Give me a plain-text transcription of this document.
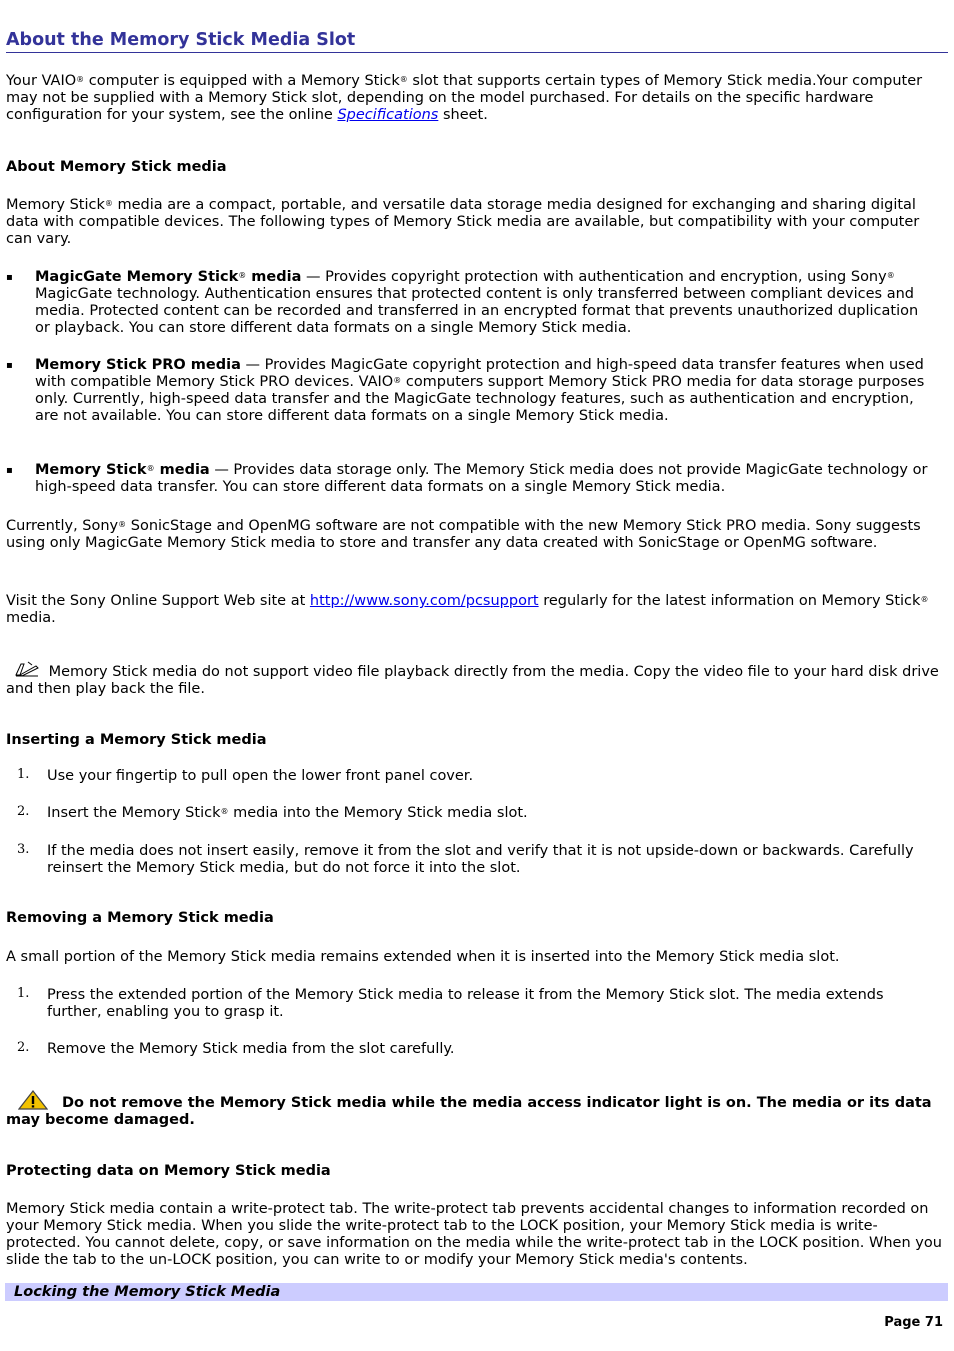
About the Memory Stick Media Slot

Your VAIO® computer is equipped with a Memory Stick® slot that supports certain types of Memory Stick media.Your computer may not be supplied with a Memory Stick slot, depending on the model purchased. For details on the specific hardware configuration for your system, see the online Specifications sheet.

About Memory Stick media

Memory Stick® media are a compact, portable, and versatile data storage media designed for exchanging and sharing digital data with compatible devices. The following types of Memory Stick media are available, but compatibility with your computer can vary.

▪ MagicGate Memory Stick® media — Provides copyright protection with authentication and encryption, using Sony® MagicGate technology. Authentication ensures that protected content is only transferred between compliant devices and media. Protected content can be recorded and transferred in an encrypted format that prevents unauthorized duplication or playback. You can store different data formats on a single Memory Stick media.
▪ Memory Stick PRO media — Provides MagicGate copyright protection and high-speed data transfer features when used with compatible Memory Stick PRO devices. VAIO® computers support Memory Stick PRO media for data storage purposes only. Currently, high-speed data transfer and the MagicGate technology features, such as authentication and encryption, are not available. You can store different data formats on a single Memory Stick media.
▪ Memory Stick® media — Provides data storage only. The Memory Stick media does not provide MagicGate technology or high-speed data transfer. You can store different data formats on a single Memory Stick media.

Currently, Sony® SonicStage and OpenMG software are not compatible with the new Memory Stick PRO media. Sony suggests using only MagicGate Memory Stick media to store and transfer any data created with SonicStage or OpenMG software.

Visit the Sony Online Support Web site at http://www.sony.com/pcsupport regularly for the latest information on Memory Stick® media.

Memory Stick media do not support video file playback directly from the media. Copy the video file to your hard disk drive and then play back the file.

Inserting a Memory Stick media

1. Use your fingertip to pull open the lower front panel cover.
2. Insert the Memory Stick® media into the Memory Stick media slot.
3. If the media does not insert easily, remove it from the slot and verify that it is not upside-down or backwards. Carefully reinsert the Memory Stick media, but do not force it into the slot.

Removing a Memory Stick media

A small portion of the Memory Stick media remains extended when it is inserted into the Memory Stick media slot.

1. Press the extended portion of the Memory Stick media to release it from the Memory Stick slot. The media extends further, enabling you to grasp it.
2. Remove the Memory Stick media from the slot carefully.

Do not remove the Memory Stick media while the media access indicator light is on. The media or its data may become damaged.

Protecting data on Memory Stick media

Memory Stick media contain a write-protect tab. The write-protect tab prevents accidental changes to information recorded on your Memory Stick media. When you slide the write-protect tab to the LOCK position, your Memory Stick media is write-protected. You cannot delete, copy, or save information on the media while the write-protect tab in the LOCK position. When you slide the tab to the un-LOCK position, you can write to or modify your Memory Stick media's contents.

Locking the Memory Stick Media
Page 71
